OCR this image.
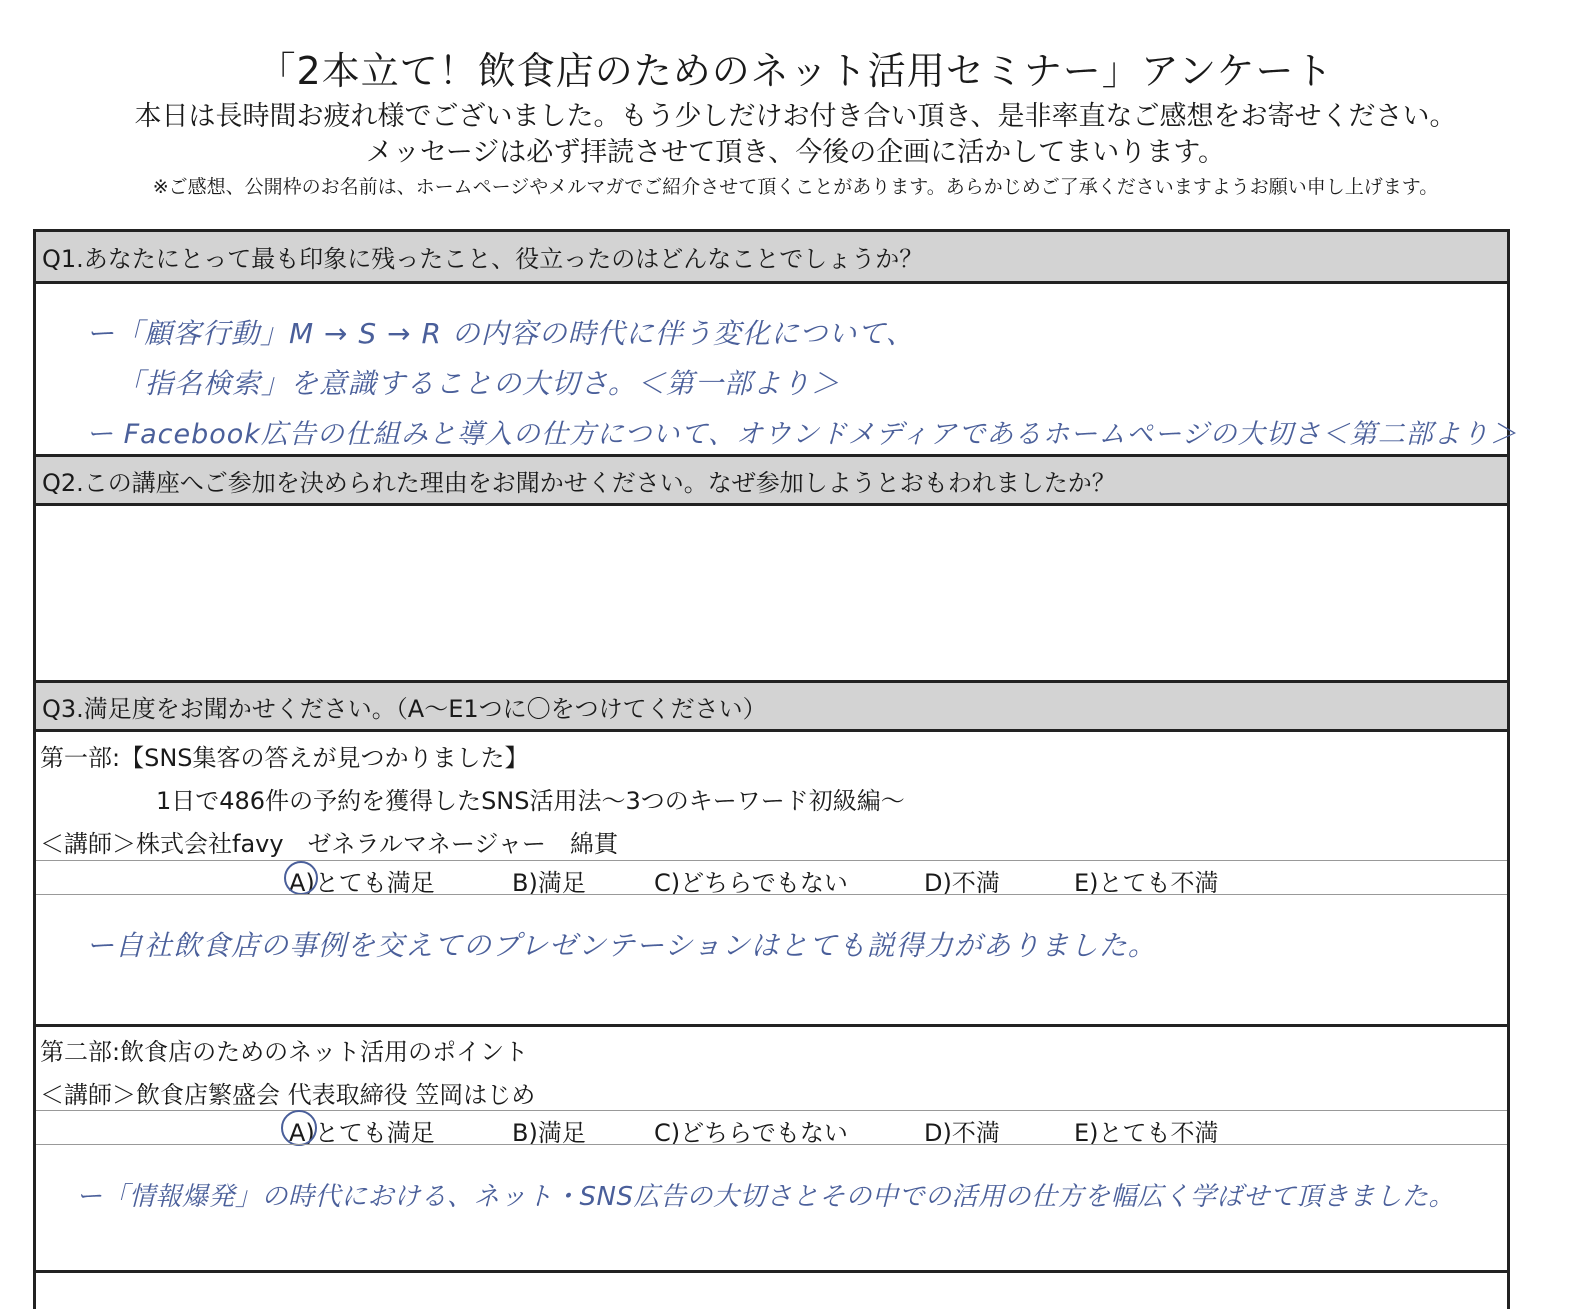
「2本立て！飲食店のためのネット活用セミナー」アンケート
本日は長時間お疲れ様でございました。もう少しだけお付き合い頂き、是非率直なご感想をお寄せください。
メッセージは必ず拝読させて頂き、今後の企画に活かしてまいります。
※ご感想、公開枠のお名前は、ホームページやメルマガでご紹介させて頂くことがあります。あらかじめご了承くださいますようお願い申し上げます。
Q1.あなたにとって最も印象に残ったこと、役立ったのはどんなことでしょうか？
ー「顧客行動」M → S → R の内容の時代に伴う変化について、
「指名検索」を意識することの大切さ。＜第一部より＞
ー Facebook広告の仕組みと導入の仕方について、オウンドメディアであるホームページの大切さ＜第二部より＞
Q2.この講座へご参加を決められた理由をお聞かせください。なぜ参加しようとおもわれましたか？
Q3.満足度をお聞かせください。（A〜E1つに〇をつけてください）
第一部:【SNS集客の答えが見つかりました】
1日で486件の予約を獲得したSNS活用法〜3つのキーワード初級編〜
＜講師＞株式会社favy　ゼネラルマネージャー　綿貫
A)とても満足	B)満足	C)どちらでもない	D)不満	E)とても不満
ー自社飲食店の事例を交えてのプレゼンテーションはとても説得力がありました。
第二部:飲食店のためのネット活用のポイント
＜講師＞飲食店繁盛会 代表取締役 笠岡はじめ
A)とても満足	B)満足	C)どちらでもない	D)不満	E)とても不満
ー「情報爆発」の時代における、ネット・SNS広告の大切さとその中での活用の仕方を幅広く学ばせて頂きました。
